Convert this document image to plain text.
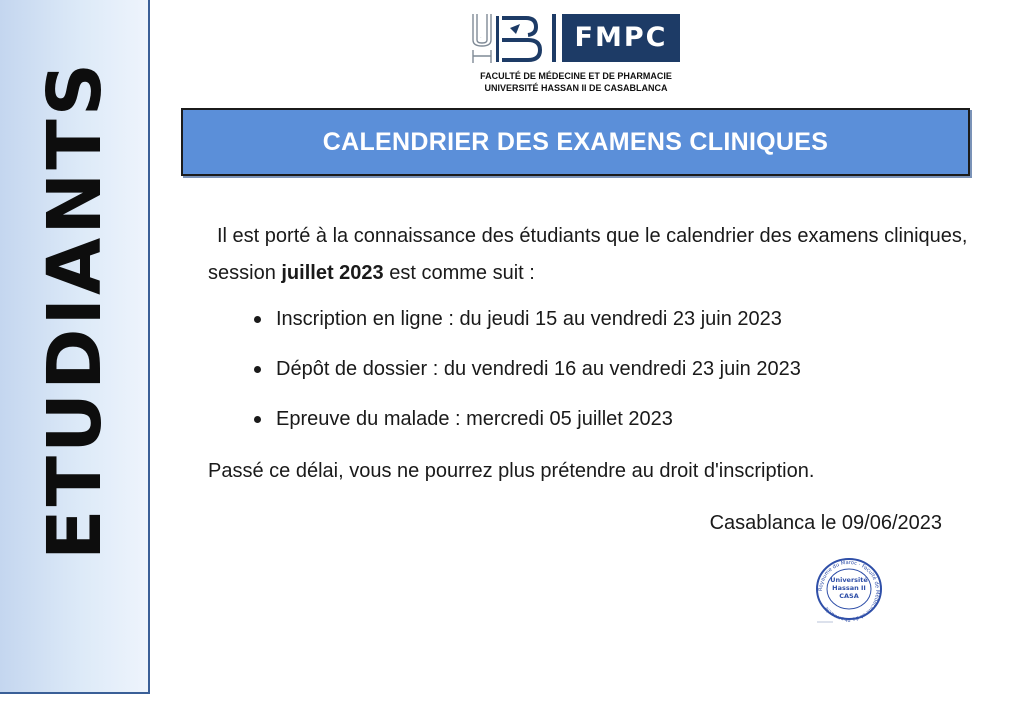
ETUDIANTS
UH	FMPC
FACULTÉ DE MÉDECINE ET DE PHARMACIE
UNIVERSITÉ HASSAN II DE CASABLANCA
CALENDRIER DES EXAMENS CLINIQUES
Il est porté à la connaissance des étudiants que le calendrier des examens cliniques, session juillet 2023 est comme suit :
Inscription en ligne : du jeudi 15 au vendredi 23 juin 2023
Dépôt de dossier : du vendredi 16 au vendredi 23 juin 2023
Epreuve du malade : mercredi 05 juillet 2023
Passé ce délai, vous ne pourrez plus prétendre au droit d'inscription.
Casablanca le 09/06/2023
Royaume du Maroc · Faculté de Médecine et de Pharmacie
Université
Hassan II
CASA
